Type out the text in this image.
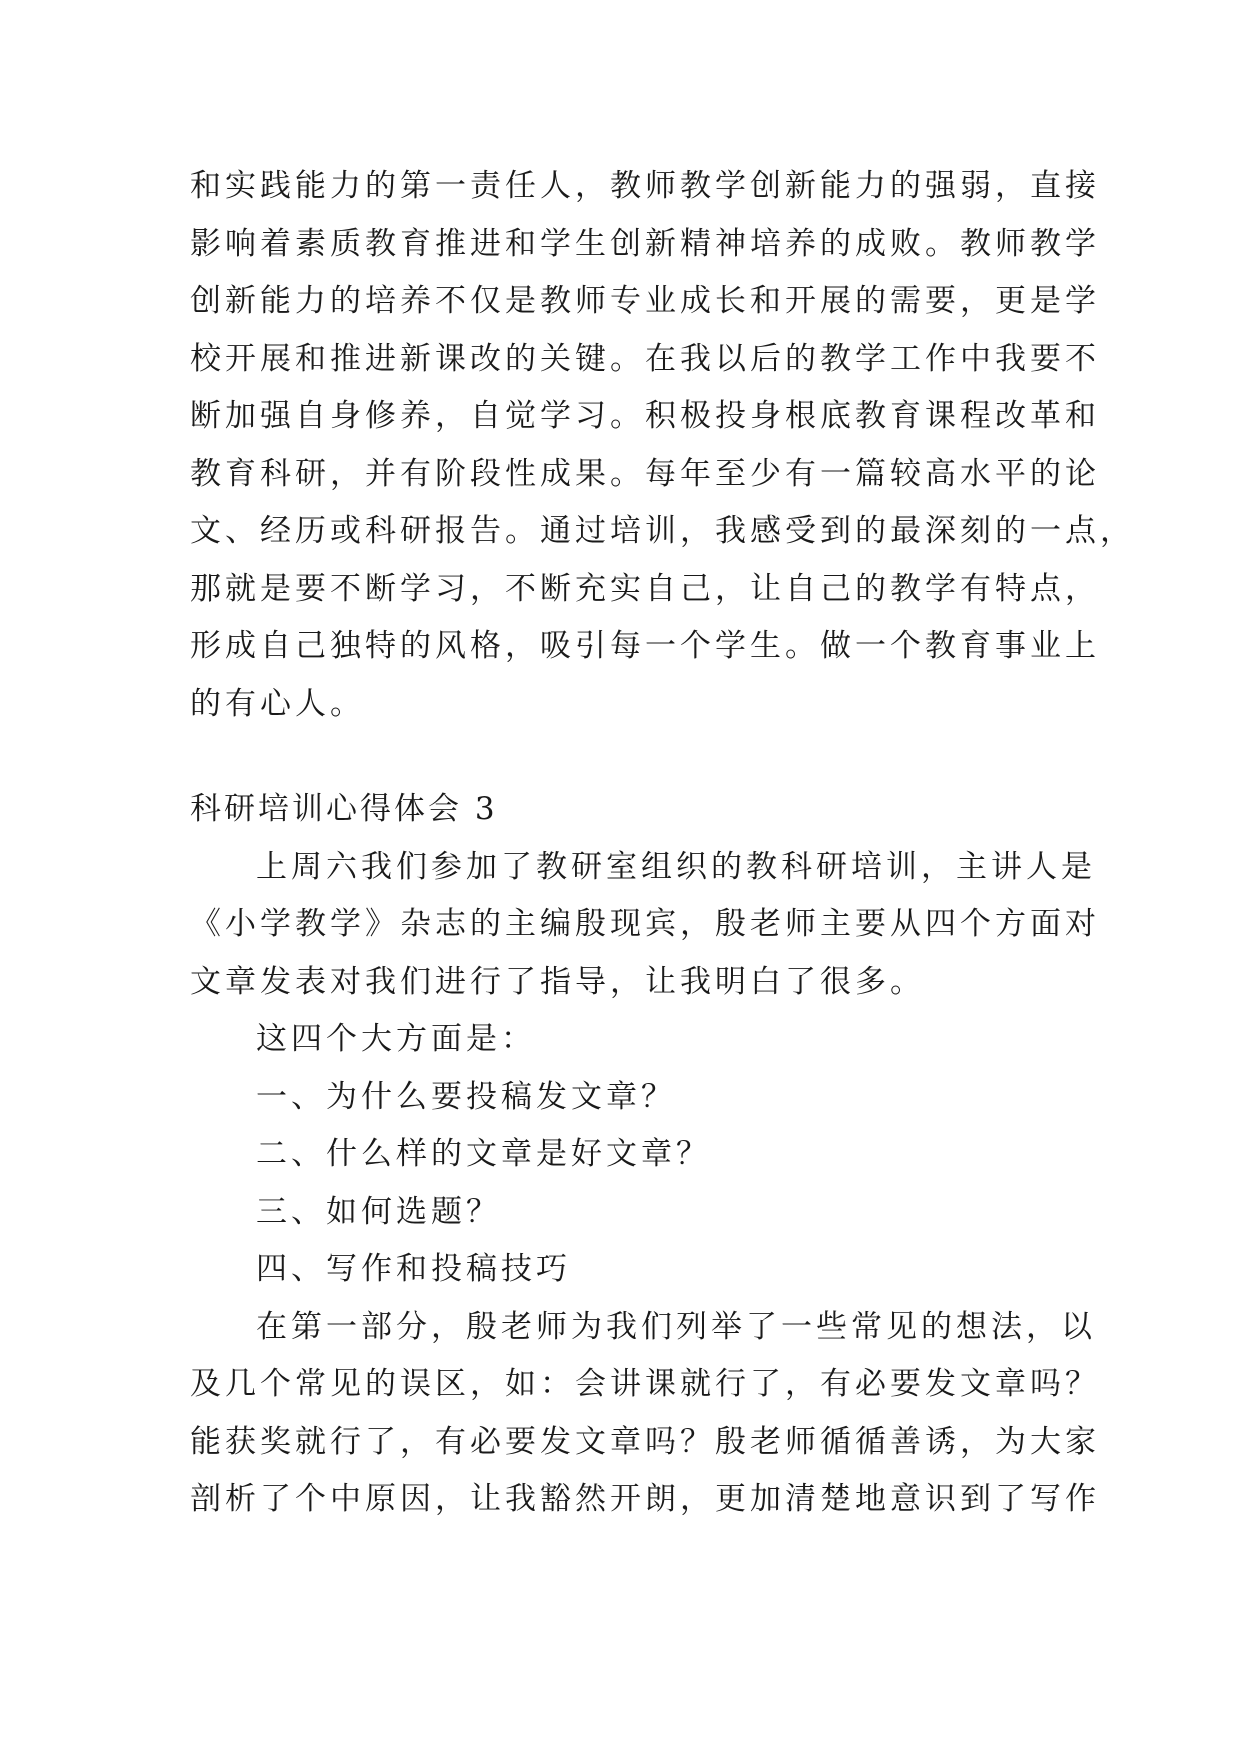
和实践能力的第一责任人，教师教学创新能力的强弱，直接
影响着素质教育推进和学生创新精神培养的成败。教师教学
创新能力的培养不仅是教师专业成长和开展的需要，更是学
校开展和推进新课改的关键。在我以后的教学工作中我要不
断加强自身修养，自觉学习。积极投身根底教育课程改革和
教育科研，并有阶段性成果。每年至少有一篇较高水平的论
文、经历或科研报告。通过培训，我感受到的最深刻的一点，
那就是要不断学习，不断充实自己，让自己的教学有特点，
形成自己独特的风格，吸引每一个学生。做一个教育事业上
的有心人。
科研培训心得体会 3
上周六我们参加了教研室组织的教科研培训，主讲人是
《小学教学》杂志的主编殷现宾，殷老师主要从四个方面对
文章发表对我们进行了指导，让我明白了很多。
这四个大方面是：
一、为什么要投稿发文章？
二、什么样的文章是好文章？
三、如何选题？
四、写作和投稿技巧
在第一部分，殷老师为我们列举了一些常见的想法，以
及几个常见的误区，如：会讲课就行了，有必要发文章吗？
能获奖就行了，有必要发文章吗？殷老师循循善诱，为大家
剖析了个中原因，让我豁然开朗，更加清楚地意识到了写作
